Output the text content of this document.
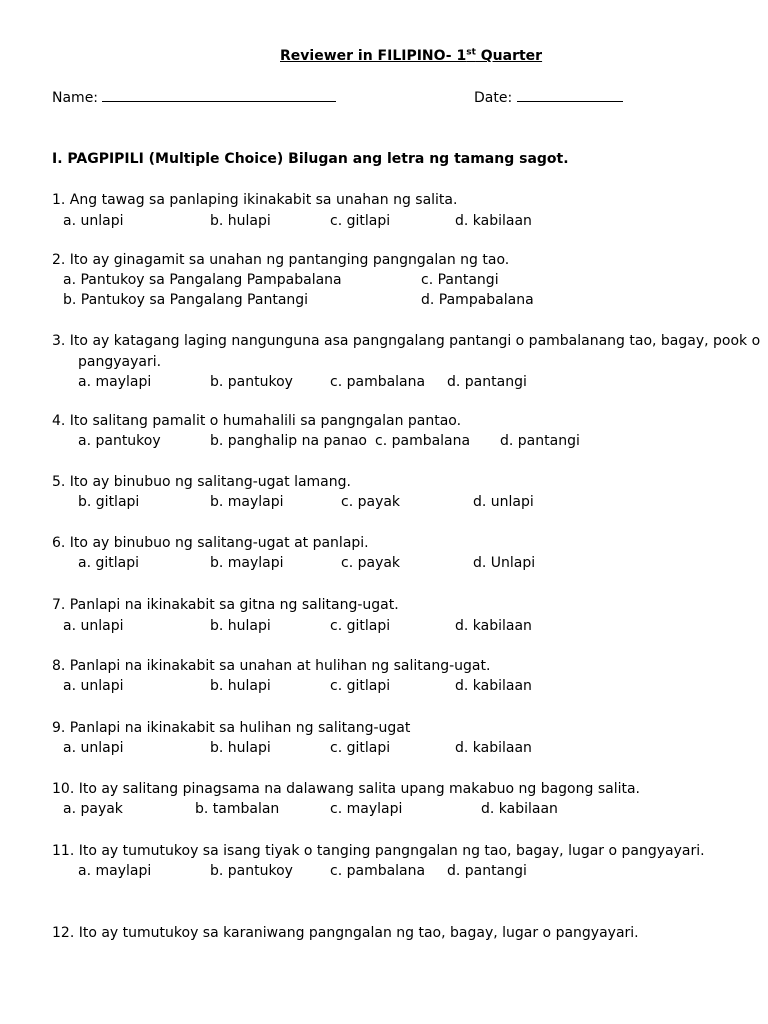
Reviewer in FILIPINO- 1st Quarter
Name:	Date:
I. PAGPIPILI (Multiple Choice) Bilugan ang letra ng tamang sagot.
1. Ang tawag sa panlaping ikinakabit sa unahan ng salita.
a. unlapi	b. hulapi	c. gitlapi	d. kabilaan
2. Ito ay ginagamit sa unahan ng pantanging pangngalan ng tao.
a. Pantukoy sa Pangalang Pampabalana	c. Pantangi
b. Pantukoy sa Pangalang Pantangi	d. Pampabalana
3. Ito ay katagang laging nangunguna asa pangngalang pantangi o pambalanang tao, bagay, pook o
pangyayari.
a. maylapi	b. pantukoy	c. pambalana d. pantangi
4. Ito salitang pamalit o humahalili sa pangngalan pantao.
a. pantukoy	b. panghalip na panao c. pambalana d. pantangi
5. Ito ay binubuo ng salitang-ugat lamang.
b. gitlapi	b. maylapi	c. payak	d. unlapi
6. Ito ay binubuo ng salitang-ugat at panlapi.
a. gitlapi	b. maylapi	c. payak	d. Unlapi
7. Panlapi na ikinakabit sa gitna ng salitang-ugat.
a. unlapi	b. hulapi	c. gitlapi	d. kabilaan
8. Panlapi na ikinakabit sa unahan at hulihan ng salitang-ugat.
a. unlapi	b. hulapi	c. gitlapi	d. kabilaan
9. Panlapi na ikinakabit sa hulihan ng salitang-ugat
a. unlapi	b. hulapi	c. gitlapi	d. kabilaan
10. Ito ay salitang pinagsama na dalawang salita upang makabuo ng bagong salita.
a. payak	b. tambalan	c. maylapi	d. kabilaan
11. Ito ay tumutukoy sa isang tiyak o tanging pangngalan ng tao, bagay, lugar o pangyayari.
a. maylapi	b. pantukoy	c. pambalana d. pantangi
12. Ito ay tumutukoy sa karaniwang pangngalan ng tao, bagay, lugar o pangyayari.
